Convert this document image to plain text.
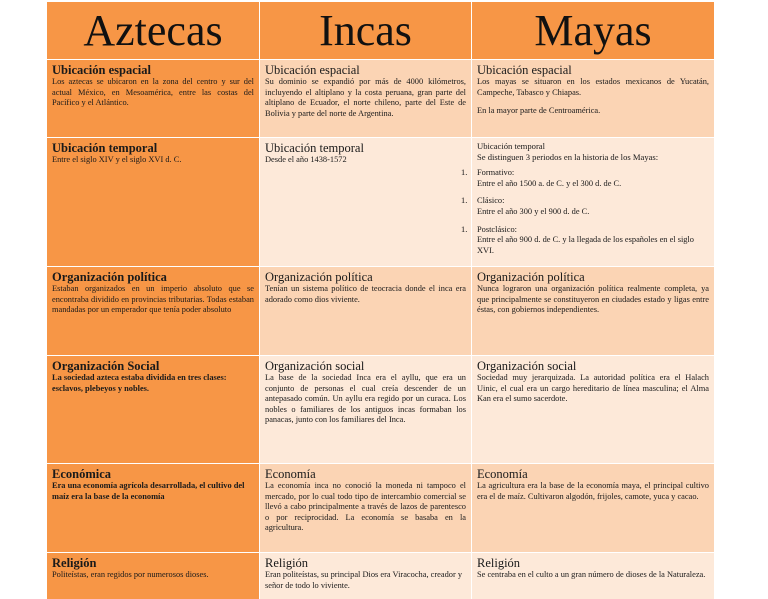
Aztecas Incas	Mayas
Ubicación espacial
Los aztecas se ubicaron en la zona del centro y sur del actual México, en Mesoamérica, entre las costas del Pacífico y el Atlántico.
Ubicación espacial
Su dominio se expandió por más de 4000 kilómetros, incluyendo el altiplano y la costa peruana, gran parte del altiplano de Ecuador, el norte chileno, parte del Este de Bolivia y parte del norte de Argentina.
Ubicación espacial
Los mayas se situaron en los estados mexicanos de Yucatán, Campeche, Tabasco y Chiapas.
En la mayor parte de Centroamérica.
Ubicación temporal
Entre el siglo XIV y el siglo XVI d. C.
Ubicación temporal
Desde el año 1438-1572
Ubicación temporal
Se distinguen 3 periodos en la historia de los Mayas:
1. Formativo:
Entre el año 1500 a. de C. y el 300 d. de C.
1. Clásico:
Entre el año 300 y el 900 d. de C.
1. Postclásico:
Entre el año 900 d. de C. y la llegada de los españoles en el siglo XVI.
Organización política
Estaban organizados en un imperio absoluto que se encontraba dividido en provincias tributarias. Todas estaban mandadas por un emperador que tenía poder absoluto
Organización política
Tenían un sistema político de teocracia donde el inca era adorado como dios viviente.
Organización política
Nunca lograron una organización política realmente completa, ya que principalmente se constituyeron en ciudades estado y ligas entre éstas, con gobiernos independientes.
Organización Social
La sociedad azteca estaba dividida en tres clases: esclavos, plebeyos y nobles.
Organización social
La base de la sociedad Inca era el ayllu, que era un conjunto de personas el cual creía descender de un antepasado común. Un ayllu era regido por un curaca. Los nobles o familiares de los antiguos incas formaban los panacas, junto con los familiares del Inca.
Organización social
Sociedad muy jerarquizada. La autoridad política era el Halach Uinic, el cual era un cargo hereditario de línea masculina; el Alma Kan era el sumo sacerdote.
Económica
Era una economía agrícola desarrollada, el cultivo del maíz era la base de la economía
Economía
La economía inca no conoció la moneda ni tampoco el mercado, por lo cual todo tipo de intercambio comercial se llevó a cabo principalmente a través de lazos de parentesco o por reciprocidad. La economía se basaba en la agricultura.
Economía
La agricultura era la base de la economía maya, el principal cultivo era el de maíz. Cultivaron algodón, frijoles, camote, yuca y cacao.
Religión
Politeístas, eran regidos por numerosos dioses.
Religión
Eran politeístas, su principal Dios era Viracocha, creador y señor de todo lo viviente.
Religión
Se centraba en el culto a un gran número de dioses de la Naturaleza.
